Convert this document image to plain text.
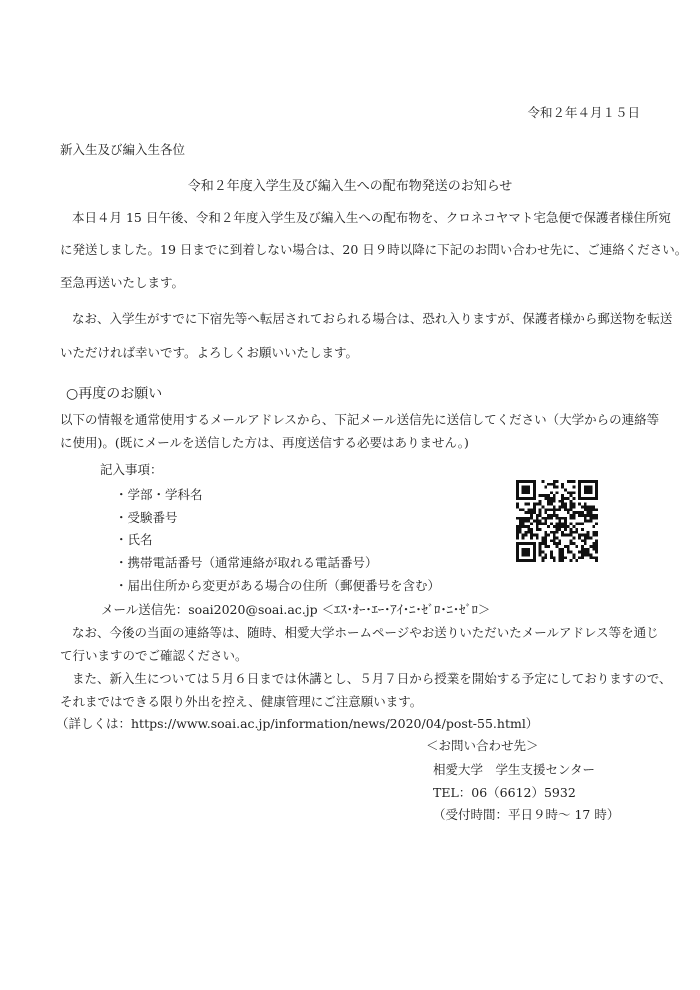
令和２年４月１５日

新入生及び編入生各位

令和２年度入学生及び編入生への配布物発送のお知らせ

本日４月 15 日午後、令和２年度入学生及び編入生への配布物を、クロネコヤマト宅急便で保護者様住所宛

に発送しました。19 日までに到着しない場合は、20 日９時以降に下記のお問い合わせ先に、ご連絡ください。

至急再送いたします。

なお、入学生がすでに下宿先等へ転居されておられる場合は、恐れ入りますが、保護者様から郵送物を転送

いただければ幸いです。よろしくお願いいたします。

○再度のお願い

以下の情報を通常使用するメールアドレスから、下記メール送信先に送信してください（大学からの連絡等

に使用)。(既にメールを送信した方は、再度送信する必要はありません。)

記入事項：

・学部・学科名

・受験番号

・氏名

・携帯電話番号（通常連絡が取れる電話番号）

・届出住所から変更がある場合の住所（郵便番号を含む）

メール送信先：soai2020@soai.ac.jp ＜ｴｽ･ｵｰ･ｴｰ･ｱｲ･ﾆ･ｾﾞﾛ･ﾆ･ｾﾞﾛ＞

なお、今後の当面の連絡等は、随時、相愛大学ホームページやお送りいただいたメールアドレス等を通じ

て行いますのでご確認ください。

また、新入生については５月６日までは休講とし、５月７日から授業を開始する予定にしておりますので、

それまではできる限り外出を控え、健康管理にご注意願います。

（詳しくは：https://www.soai.ac.jp/information/news/2020/04/post-55.html）

＜お問い合わせ先＞

相愛大学　学生支援センター

TEL：06（6612）5932

（受付時間：平日９時～ 17 時）
